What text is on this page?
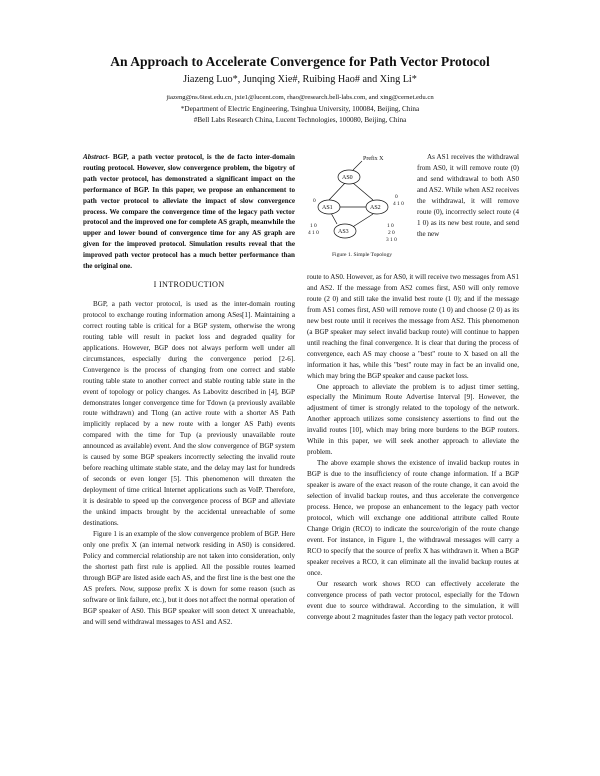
An Approach to Accelerate Convergence for Path Vector Protocol
Jiazeng Luo*, Junqing Xie#, Ruibing Hao# and Xing Li*
jiazeng@ns.6test.edu.cn, jxie1@lucent.com, rhao@research.bell-labs.com, and xing@cernet.edu.cn
*Department of Electric Engineering, Tsinghua University, 100084, Beijing, China
#Bell Labs Research China, Lucent Technologies, 100080, Beijing, China

Abstract- BGP, a path vector protocol, is the de facto inter-domain routing protocol. However, slow convergence problem, the bigotry of path vector protocol, has demonstrated a significant impact on the performance of BGP. In this paper, we propose an enhancement to path vector protocol to alleviate the impact of slow convergence process. We compare the convergence time of the legacy path vector protocol and the improved one for complete AS graph, meanwhile the upper and lower bound of convergence time for any AS graph are given for the improved protocol. Simulation results reveal that the improved path vector protocol has a much better performance than the original one.

I INTRODUCTION

BGP, a path vector protocol, is used as the inter-domain routing protocol to exchange routing information among ASes[1]. Maintaining a correct routing table is critical for a BGP system, otherwise the wrong routing table will result in packet loss and degraded quality for applications. However, BGP does not always perform well under all circumstances, especially during the convergence period [2-6]. Convergence is the process of changing from one correct and stable routing table state to another correct and stable routing table state in the event of topology or policy changes. As Labovitz described in [4], BGP demonstrates longer convergence time for Tdown (a previously available route withdrawn) and Tlong (an active route with a shorter AS Path implicitly replaced by a new route with a longer AS Path) events compared with the time for Tup (a previously unavailable route announced as available) event. And the slow convergence of BGP system is caused by some BGP speakers incorrectly selecting the invalid route before reaching ultimate stable state, and the delay may last for hundreds of seconds or even longer [5]. This phenomenon will threaten the deployment of time critical Internet applications such as VoIP. Therefore, it is desirable to speed up the convergence process of BGP and alleviate the unkind impacts brought by the accidental unreachable of some destinations.

Figure 1 is an example of the slow convergence problem of BGP. Here only one prefix X (an internal network residing in AS0) is considered. Policy and commercial relationship are not taken into consideration, only the shortest path first rule is applied. All the possible routes learned through BGP are listed aside each AS, and the first line is the best one the AS prefers. Now, suppose prefix X is down for some reason (such as software or link failure, etc.), but it does not affect the normal operation of BGP speaker of AS0. This BGP speaker will soon detect X unreachable, and will send withdrawal messages to AS1 and AS2.

Prefix X
AS0
AS1	AS2
AS3
0
0
4 1 0
1 0
4 1 0
1 0
2 0
3 1 0
Figure 1. Simple Topology

As AS1 receives the withdrawal from AS0, it will remove route (0) and send withdrawal to both AS0 and AS2. While when AS2 receives the withdrawal, it will remove route (0), incorrectly select route (4 1 0) as its new best route, and send the new

route to AS0. However, as for AS0, it will receive two messages from AS1 and AS2. If the message from AS2 comes first, AS0 will only remove route (2 0) and still take the invalid best route (1 0); and if the message from AS1 comes first, AS0 will remove route (1 0) and choose (2 0) as its new best route until it receives the message from AS2. This phenomenon (a BGP speaker may select invalid backup route) will continue to happen until reaching the final convergence. It is clear that during the process of convergence, each AS may choose a "best" route to X based on all the information it has, while this "best" route may in fact be an invalid one, which may bring the BGP speaker and cause packet loss.

One approach to alleviate the problem is to adjust timer setting, especially the Minimum Route Advertise Interval [9]. However, the adjustment of timer is strongly related to the topology of the network. Another approach utilizes some consistency assertions to find out the invalid routes [10], which may bring more burdens to the BGP routers. While in this paper, we will seek another approach to alleviate the problem.

The above example shows the existence of invalid backup routes in BGP is due to the insufficiency of route change information. If a BGP speaker is aware of the exact reason of the route change, it can avoid the selection of invalid backup routes, and thus accelerate the convergence process. Hence, we propose an enhancement to the legacy path vector protocol, which will exchange one additional attribute called Route Change Origin (RCO) to indicate the source/origin of the route change event. For instance, in Figure 1, the withdrawal messages will carry a RCO to specify that the source of prefix X has withdrawn it. When a BGP speaker receives a RCO, it can eliminate all the invalid backup routes at once.

Our research work shows RCO can effectively accelerate the convergence process of path vector protocol, especially for the Tdown event due to source withdrawal. According to the simulation, it will converge about 2 magnitudes faster than the legacy path vector protocol.
